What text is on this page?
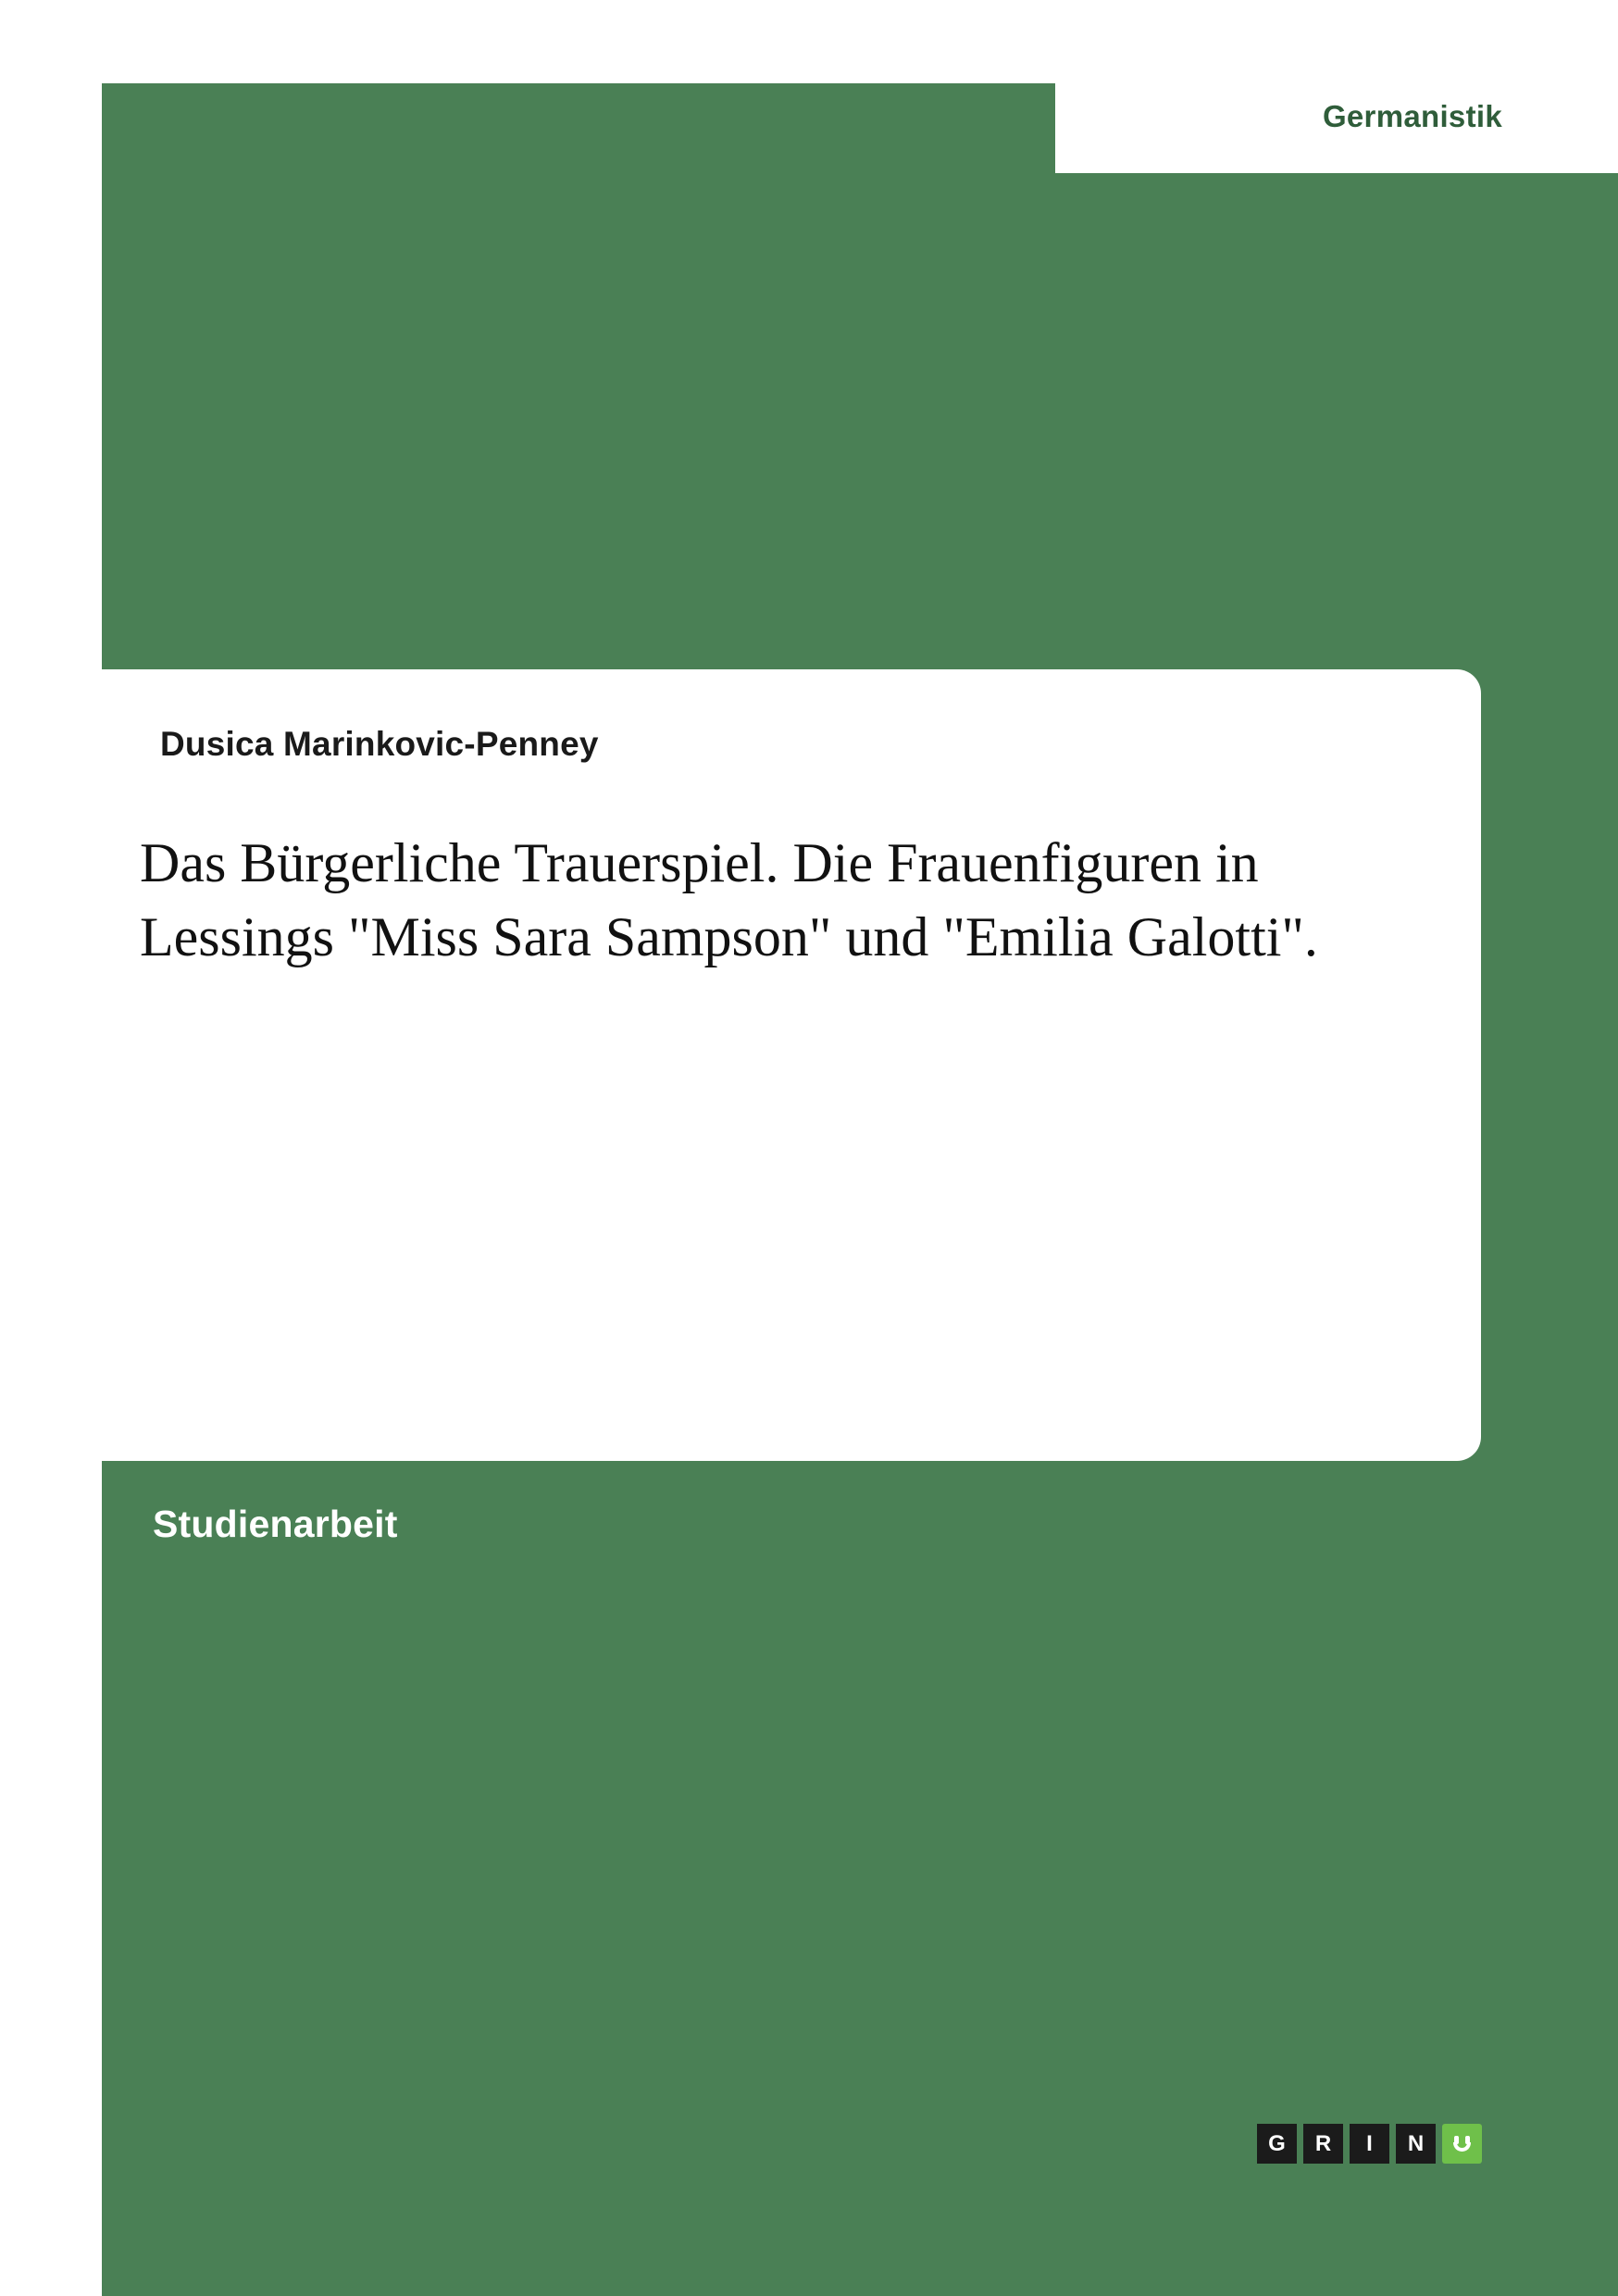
Germanistik
Dusica Marinkovic-Penney
Das Bürgerliche Trauerspiel. Die Frauenfiguren in Lessings "Miss Sara Sampson" und "Emilia Galotti".
Studienarbeit
G	R	I	N
